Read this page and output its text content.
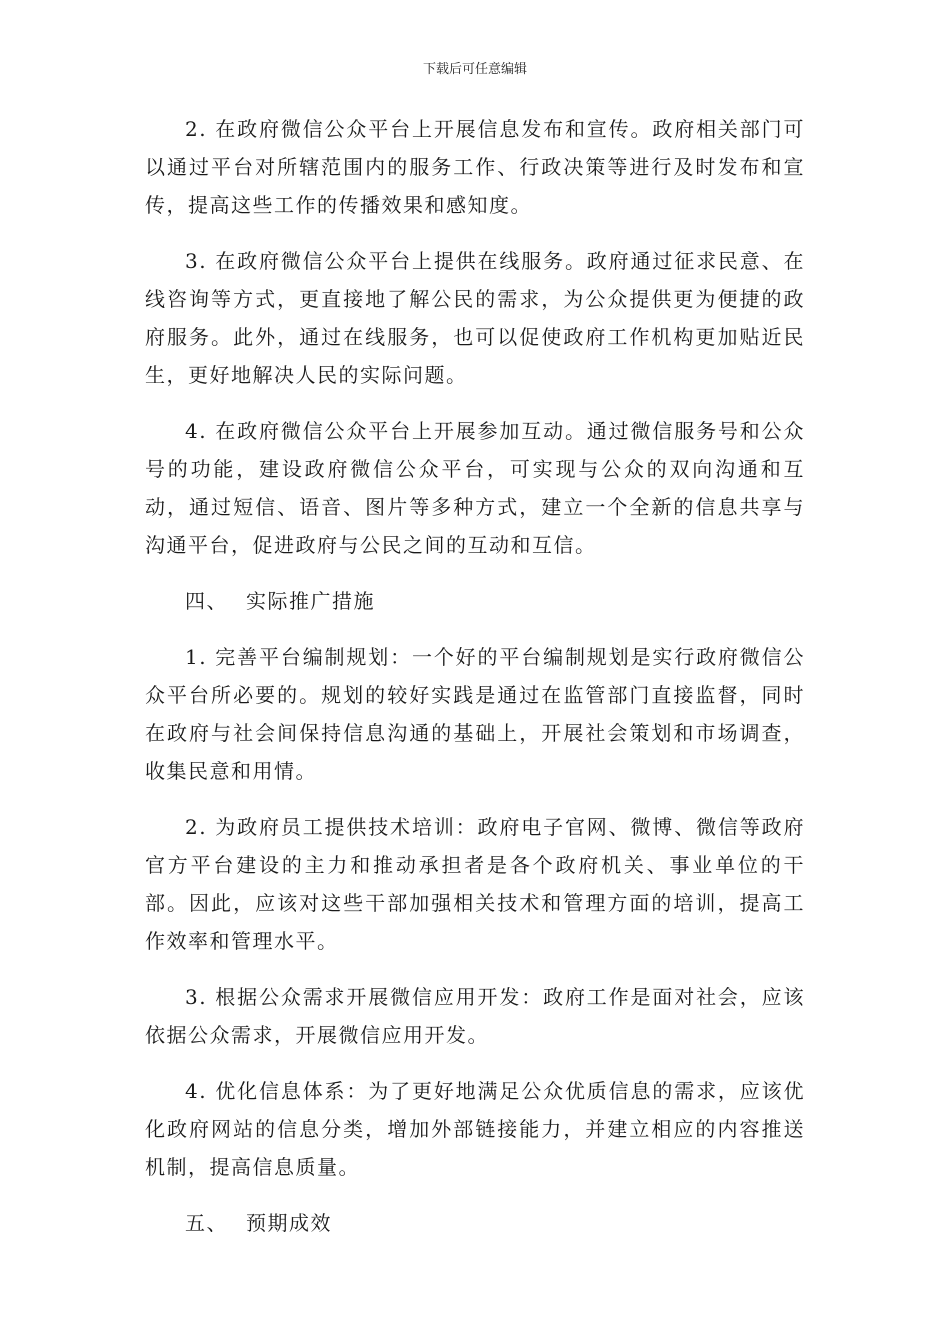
下载后可任意编辑

2. 在政府微信公众平台上开展信息发布和宣传。政府相关部门可以通过平台对所辖范围内的服务工作、行政决策等进行及时发布和宣传，提高这些工作的传播效果和感知度。

3. 在政府微信公众平台上提供在线服务。政府通过征求民意、在线咨询等方式，更直接地了解公民的需求，为公众提供更为便捷的政府服务。此外，通过在线服务，也可以促使政府工作机构更加贴近民生，更好地解决人民的实际问题。

4. 在政府微信公众平台上开展参加互动。通过微信服务号和公众号的功能，建设政府微信公众平台，可实现与公众的双向沟通和互动，通过短信、语音、图片等多种方式，建立一个全新的信息共享与沟通平台，促进政府与公民之间的互动和互信。

四、 实际推广措施

1. 完善平台编制规划：一个好的平台编制规划是实行政府微信公众平台所必要的。规划的较好实践是通过在监管部门直接监督，同时在政府与社会间保持信息沟通的基础上，开展社会策划和市场调查，收集民意和用情。

2. 为政府员工提供技术培训：政府电子官网、微博、微信等政府官方平台建设的主力和推动承担者是各个政府机关、事业单位的干部。因此，应该对这些干部加强相关技术和管理方面的培训，提高工作效率和管理水平。

3. 根据公众需求开展微信应用开发：政府工作是面对社会，应该依据公众需求，开展微信应用开发。

4. 优化信息体系：为了更好地满足公众优质信息的需求，应该优化政府网站的信息分类，增加外部链接能力，并建立相应的内容推送机制，提高信息质量。

五、 预期成效
